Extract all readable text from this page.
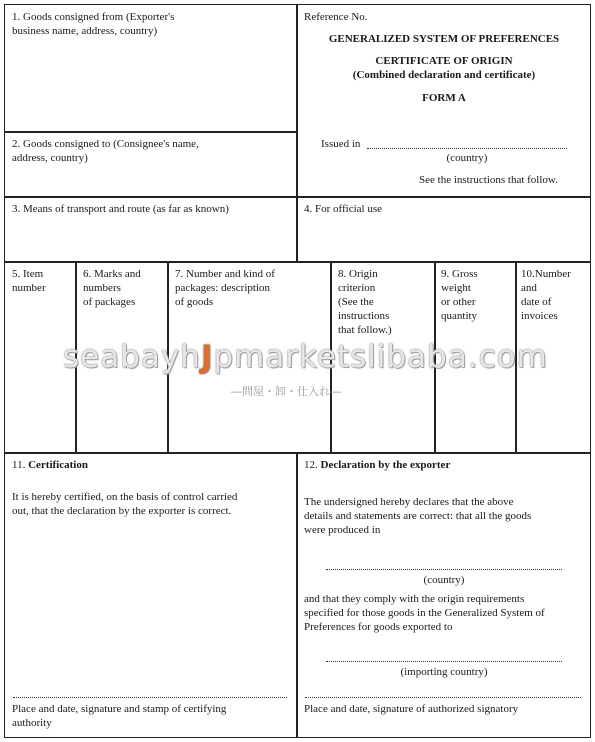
1. Goods consigned from (Exporter's
business name, address, country)
2. Goods consigned to (Consignee's name,
address, country)
Reference No.
GENERALIZED SYSTEM OF PREFERENCES
CERTIFICATE OF ORIGIN
(Combined declaration and certificate)
FORM A
Issued in
(country)
See the instructions that follow.
3. Means of transport and route (as far as known)	4. For official use
5. Item
number
6. Marks and
numbers
of packages
7. Number and kind of
packages: description
of goods
8. Origin
criterion
(See the
instructions
that follow.)
9. Gross
weight
or other
quantity
10.Number
and
date of
invoices
seabayhJpmarketslibaba.com
―問屋・卸・仕入れ―
11. Certification
It is hereby certified, on the basis of control carried
out, that the declaration by the exporter is correct.
Place and date, signature and stamp of certifying
authority
12. Declaration by the exporter
The undersigned hereby declares that the above
details and statements are correct: that all the goods
were produced in
(country)
and that they comply with the origin requirements
specified for those goods in the Generalized System of
Preferences for goods exported to
(importing country)
Place and date, signature of authorized signatory
